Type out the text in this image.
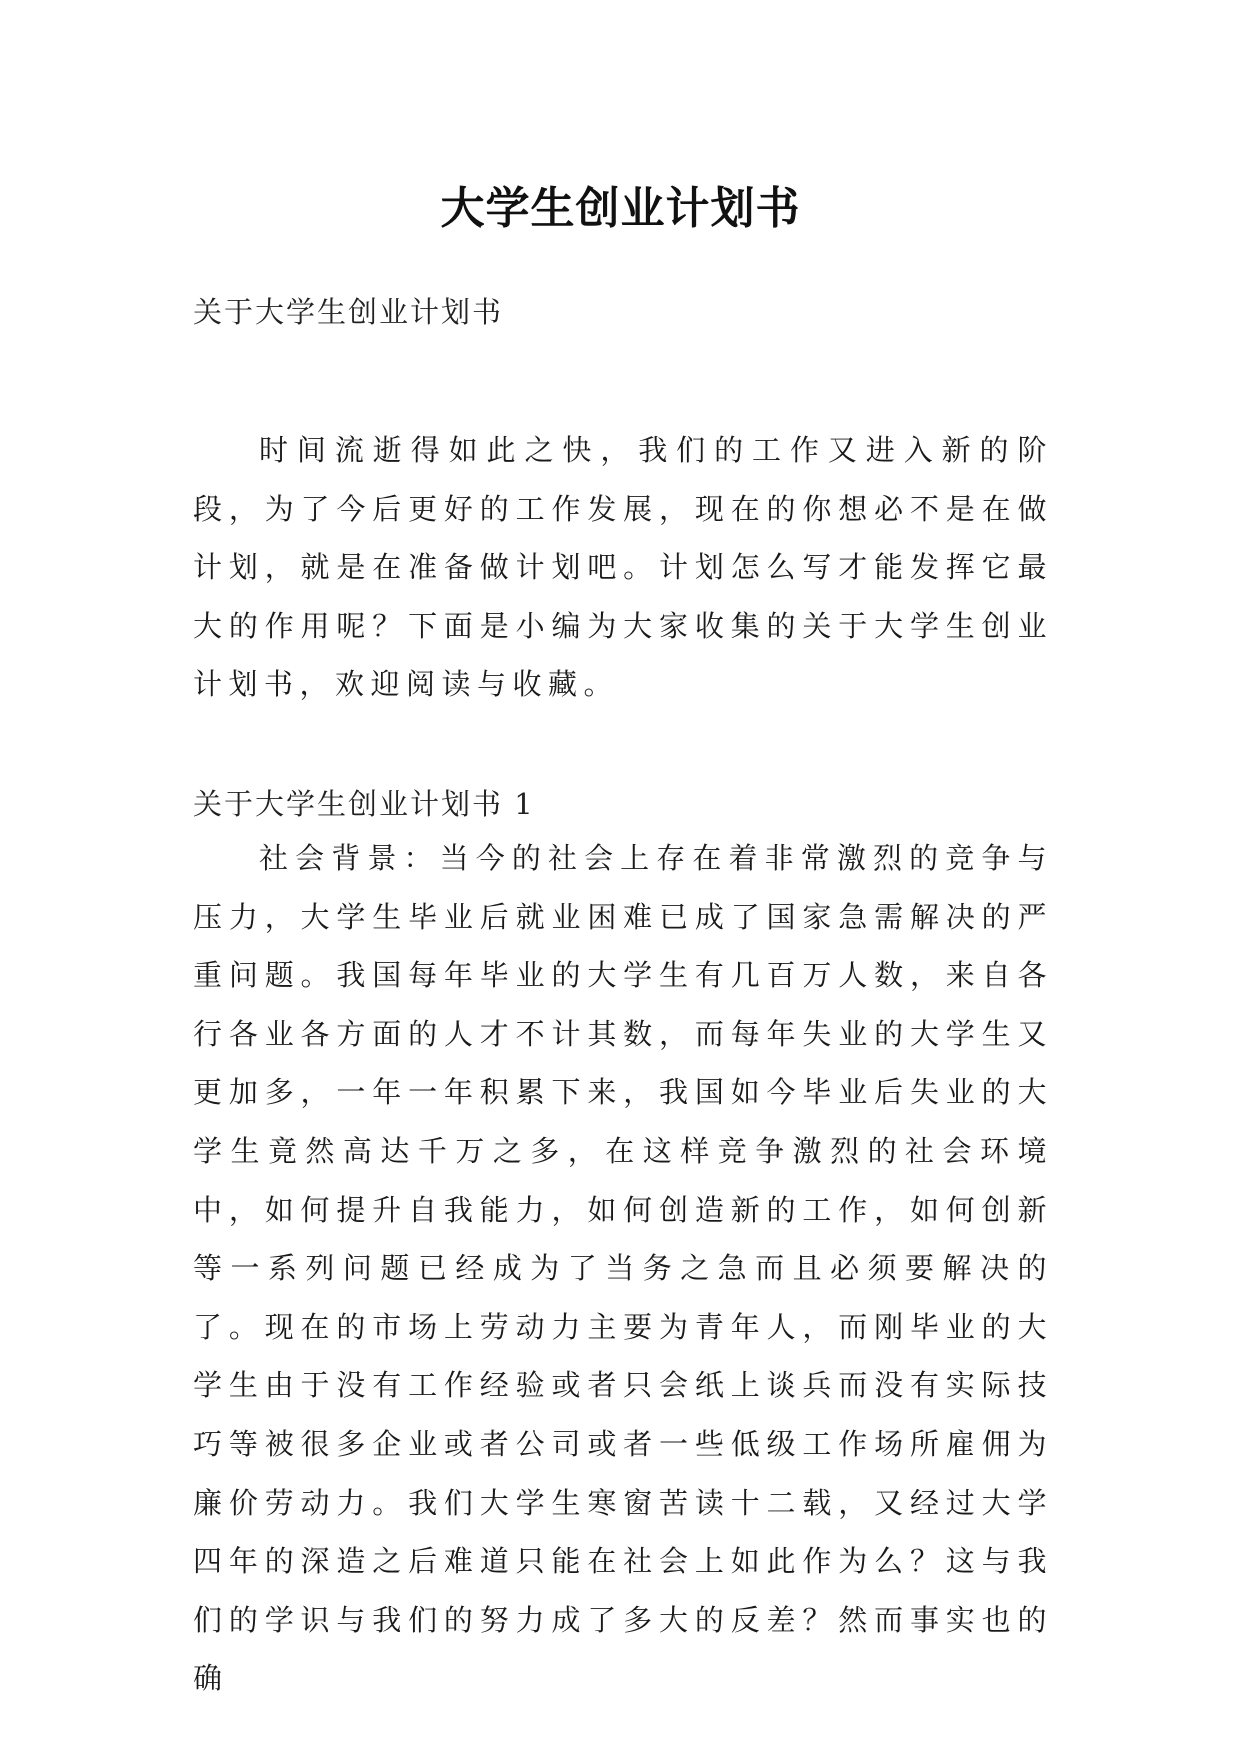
大学生创业计划书

关于大学生创业计划书

时间流逝得如此之快，我们的工作又进入新的阶段，为了今后更好的工作发展，现在的你想必不是在做计划，就是在准备做计划吧。计划怎么写才能发挥它最大的作用呢？下面是小编为大家收集的关于大学生创业计划书，欢迎阅读与收藏。

关于大学生创业计划书 1

社会背景：当今的社会上存在着非常激烈的竞争与压力，大学生毕业后就业困难已成了国家急需解决的严重问题。我国每年毕业的大学生有几百万人数，来自各行各业各方面的人才不计其数，而每年失业的大学生又更加多，一年一年积累下来，我国如今毕业后失业的大学生竟然高达千万之多，在这样竞争激烈的社会环境中，如何提升自我能力，如何创造新的工作，如何创新等一系列问题已经成为了当务之急而且必须要解决的了。现在的市场上劳动力主要为青年人，而刚毕业的大学生由于没有工作经验或者只会纸上谈兵而没有实际技巧等被很多企业或者公司或者一些低级工作场所雇佣为廉价劳动力。我们大学生寒窗苦读十二载，又经过大学四年的深造之后难道只能在社会上如此作为么？这与我们的学识与我们的努力成了多大的反差？然而事实也的确
